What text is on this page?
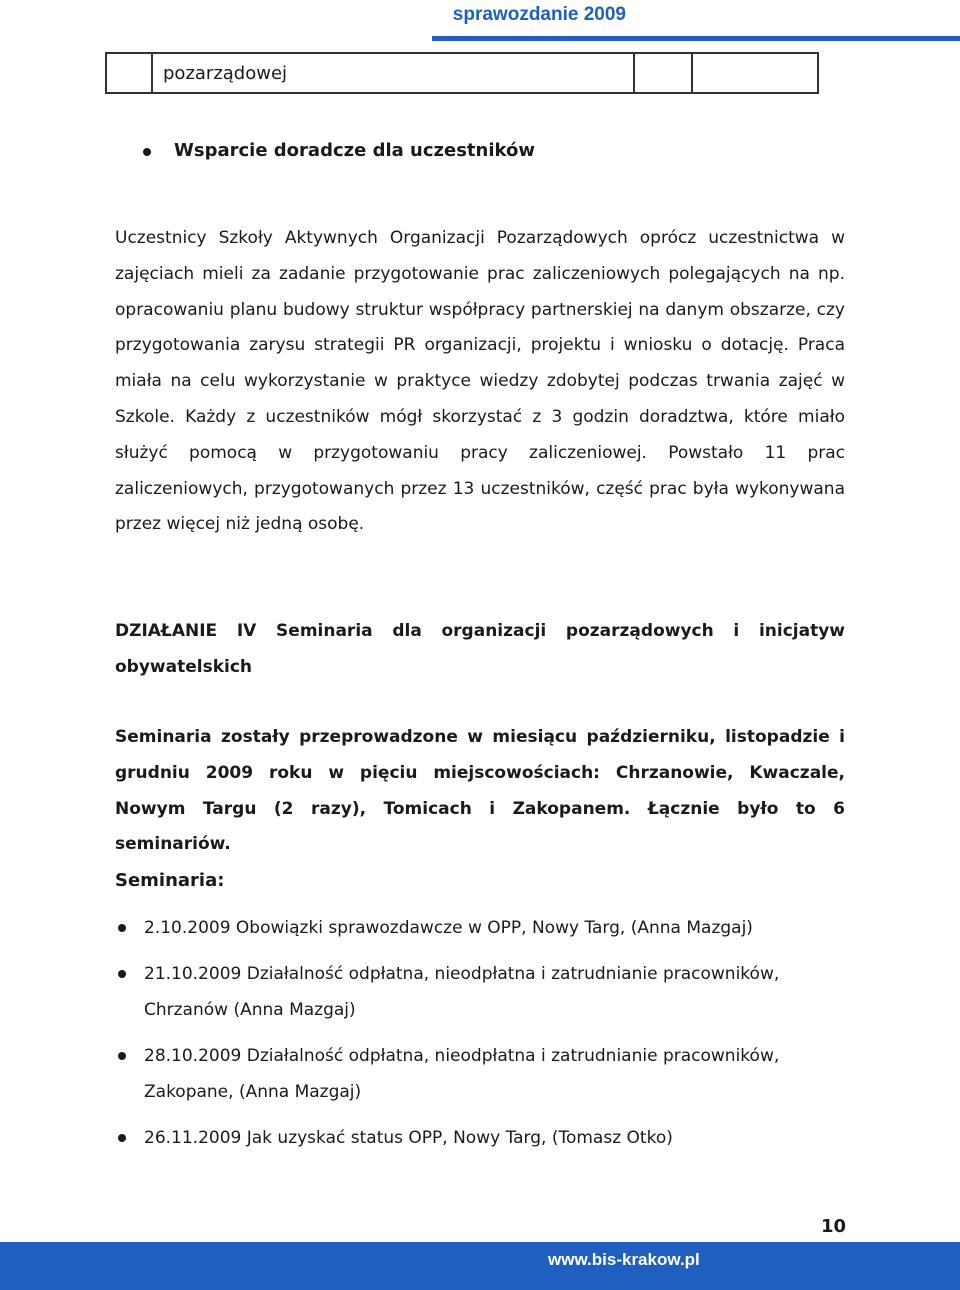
sprawozdanie 2009
	pozarządowej		
Wsparcie doradcze dla uczestników

Uczestnicy Szkoły Aktywnych Organizacji Pozarządowych oprócz uczestnictwa w zajęciach mieli za zadanie przygotowanie prac zaliczeniowych polegających na np. opracowaniu planu budowy struktur współpracy partnerskiej na danym obszarze, czy przygotowania zarysu strategii PR organizacji, projektu i wniosku o dotację. Praca miała na celu wykorzystanie w praktyce wiedzy zdobytej podczas trwania zajęć w Szkole. Każdy z uczestników mógł skorzystać z 3 godzin doradztwa, które miało służyć pomocą w przygotowaniu pracy zaliczeniowej. Powstało 11 prac zaliczeniowych, przygotowanych przez 13 uczestników, część prac była wykonywana przez więcej niż jedną osobę.

DZIAŁANIE IV Seminaria dla organizacji pozarządowych i inicjatyw obywatelskich

Seminaria zostały przeprowadzone w miesiącu październiku, listopadzie i grudniu 2009 roku w pięciu miejscowościach: Chrzanowie, Kwaczale, Nowym Targu (2 razy), Tomicach i Zakopanem. Łącznie było to 6 seminariów.

Seminaria:
2.10.2009 Obowiązki sprawozdawcze w OPP, Nowy Targ, (Anna Mazgaj)
21.10.2009 Działalność odpłatna, nieodpłatna i zatrudnianie pracowników, Chrzanów (Anna Mazgaj)
28.10.2009 Działalność odpłatna, nieodpłatna i zatrudnianie pracowników, Zakopane, (Anna Mazgaj)
26.11.2009 Jak uzyskać status OPP, Nowy Targ, (Tomasz Otko)
10
www.bis-krakow.pl
